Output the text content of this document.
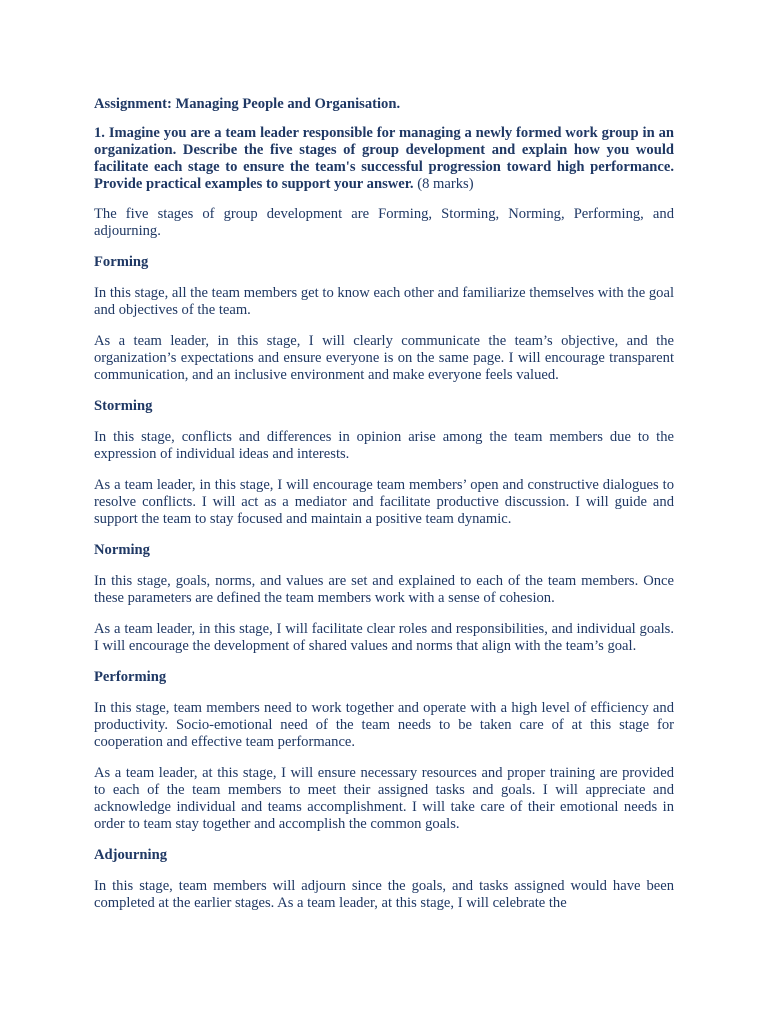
Assignment: Managing People and Organisation.

1. Imagine you are a team leader responsible for managing a newly formed work group in an organization. Describe the five stages of group development and explain how you would facilitate each stage to ensure the team's successful progression toward high performance. Provide practical examples to support your answer. (8 marks)

The five stages of group development are Forming, Storming, Norming, Performing, and adjourning.

Forming

In this stage, all the team members get to know each other and familiarize themselves with the goal and objectives of the team.

As a team leader, in this stage, I will clearly communicate the team’s objective, and the organization’s expectations and ensure everyone is on the same page. I will encourage transparent communication, and an inclusive environment and make everyone feels valued.

Storming

In this stage, conflicts and differences in opinion arise among the team members due to the expression of individual ideas and interests.

As a team leader, in this stage, I will encourage team members’ open and constructive dialogues to resolve conflicts. I will act as a mediator and facilitate productive discussion. I will guide and support the team to stay focused and maintain a positive team dynamic.

Norming

In this stage, goals, norms, and values are set and explained to each of the team members. Once these parameters are defined the team members work with a sense of cohesion.

As a team leader, in this stage, I will facilitate clear roles and responsibilities, and individual goals. I will encourage the development of shared values and norms that align with the team’s goal.

Performing

In this stage, team members need to work together and operate with a high level of efficiency and productivity. Socio-emotional need of the team needs to be taken care of at this stage for cooperation and effective team performance.

As a team leader, at this stage, I will ensure necessary resources and proper training are provided to each of the team members to meet their assigned tasks and goals. I will appreciate and acknowledge individual and teams accomplishment. I will take care of their emotional needs in order to team stay together and accomplish the common goals.

Adjourning

In this stage, team members will adjourn since the goals, and tasks assigned would have been completed at the earlier stages. As a team leader, at this stage, I will celebrate the
